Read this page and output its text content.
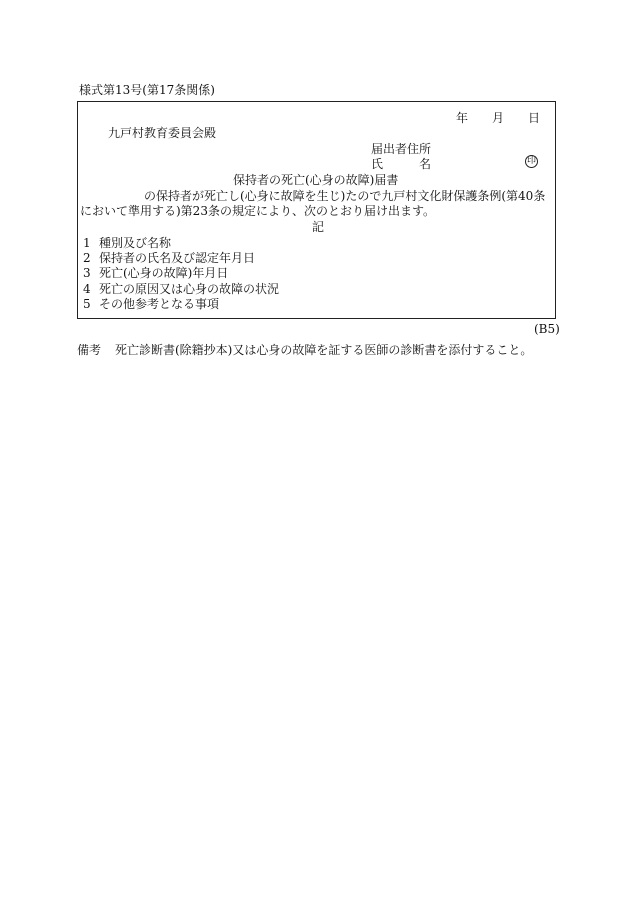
様式第13号(第17条関係)
年 月 日
九戸村教育委員会殿
届出者住所
氏	名	印
保持者の死亡(心身の故障)届書
の保持者が死亡し(心身に故障を生じ)たので九戸村文化財保護条例(第40条
において準用する)第23条の規定により、次のとおり届け出ます。
記
1 種別及び名称
2 保持者の氏名及び認定年月日
3 死亡(心身の故障)年月日
4 死亡の原因又は心身の故障の状況
5 その他参考となる事項
(B5)
備考 死亡診断書(除籍抄本)又は心身の故障を証する医師の診断書を添付すること。
